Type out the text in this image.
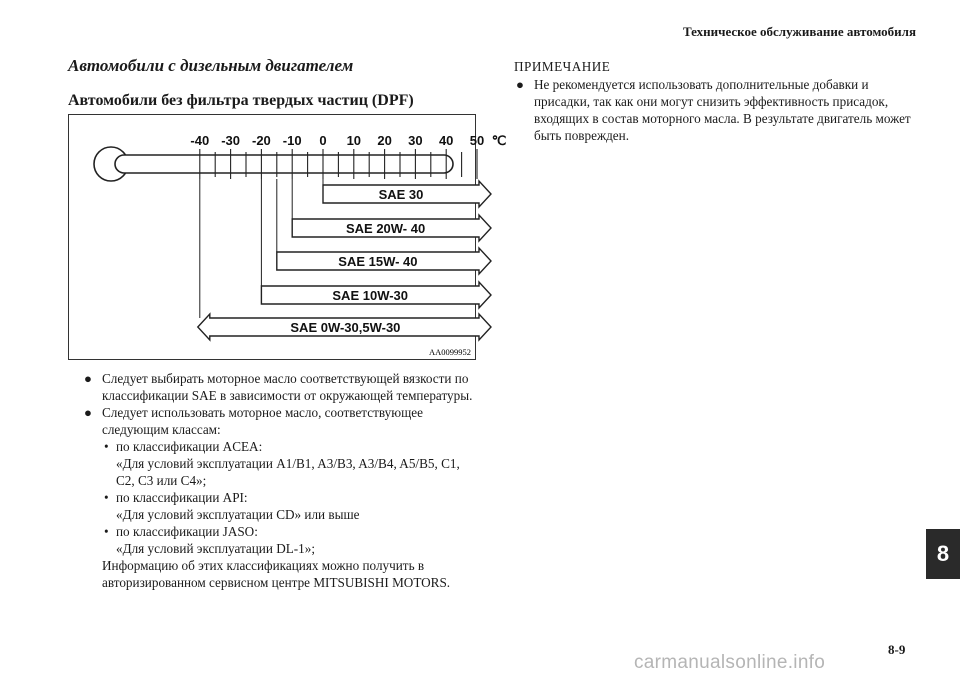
Техническое обслуживание автомобиля
Автомобили с дизельным двигателем
Автомобили без фильтра твердых частиц (DPF)
-40 -30 -20 -10 0 10 20 30 40 50 ℃
SAE 30
SAE 20W- 40
SAE 15W- 40
SAE 10W-30
SAE 0W-30,5W-30
AA0099952
● Следует выбирать моторное масло соответствующей вязкости по классификации SAE в зависимости от окружающей температуры.
● Следует использовать моторное масло, соответствующее следующим классам:
• по классификации ACEA:
«Для условий эксплуатации A1/B1, A3/B3, A3/B4, A5/B5, C1, C2, C3 или C4»;
• по классификации API:
«Для условий эксплуатации CD» или выше
• по классификации JASO:
«Для условий эксплуатации DL-1»;
Информацию об этих классификациях можно получить в авторизированном сервисном центре MITSUBISHI MOTORS.
ПРИМЕЧАНИЕ
● Не рекомендуется использовать дополнительные добавки и присадки, так как они могут снизить эффективность присадок, входящих в состав моторного масла. В результате двигатель может быть поврежден.
8
8-9
carmanualsonline.info
